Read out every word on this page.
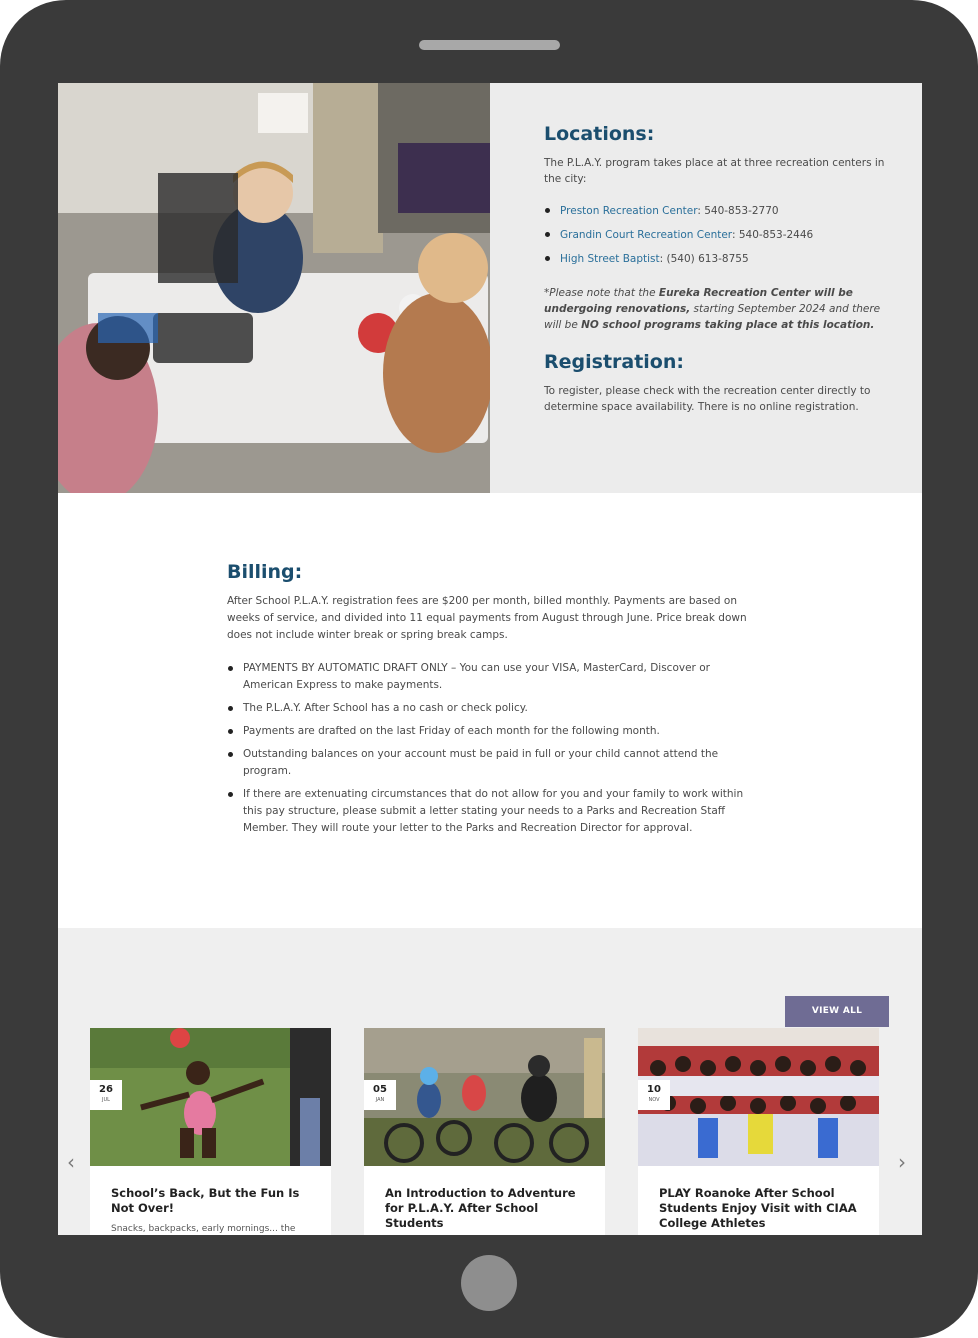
Locations:

The P.L.A.Y. program takes place at at three recreation centers in the city:

Preston Recreation Center: 540-853-2770
Grandin Court Recreation Center: 540-853-2446
High Street Baptist: (540) 613-8755
*Please note that the Eureka Recreation Center will be undergoing renovations, starting September 2024 and there will be NO school programs taking place at this location.
Registration:

To register, please check with the recreation center directly to determine space availability. There is no online registration.

Billing:

After School P.L.A.Y. registration fees are $200 per month, billed monthly. Payments are based on weeks of service, and divided into 11 equal payments from August through June. Price break down does not include winter break or spring break camps.

PAYMENTS BY AUTOMATIC DRAFT ONLY – You can use your VISA, MasterCard, Discover or American Express to make payments.
The P.L.A.Y. After School has a no cash or check policy.
Payments are drafted on the last Friday of each month for the following month.
Outstanding balances on your account must be paid in full or your child cannot attend the program.
If there are extenuating circumstances that do not allow for you and your family to work within this pay structure, please submit a letter stating your needs to a Parks and Recreation Staff Member. They will route your letter to the Parks and Recreation Director for approval.
VIEW ALL
‹	›
26
JUL
School’s Back, But the Fun Is Not Over!
Snacks, backpacks, early mornings... the
05
JAN
An Introduction to Adventure for P.L.A.Y. After School Students
10
NOV
PLAY Roanoke After School Students Enjoy Visit with CIAA College Athletes
